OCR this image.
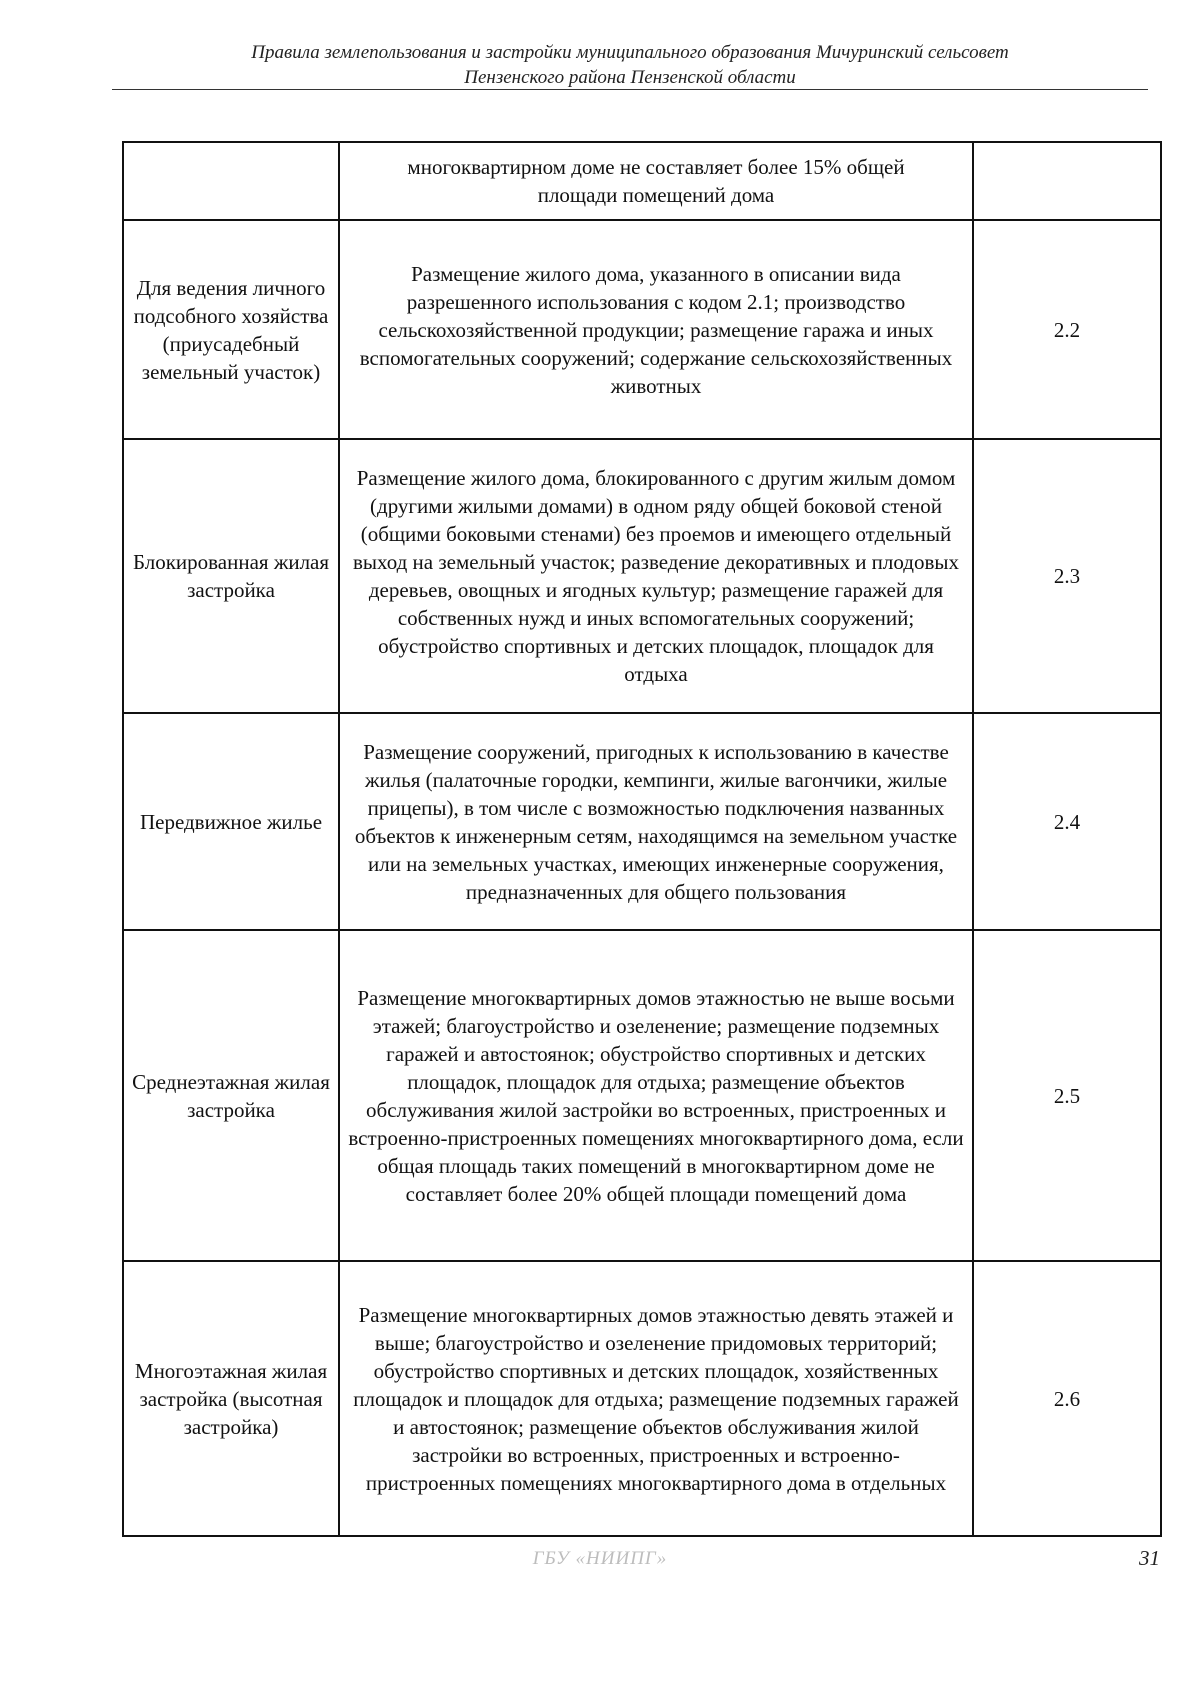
Правила землепользования и застройки муниципального образования Мичуринский сельсовет
Пензенского района Пензенской области
	многоквартирном доме не составляет более 15% общей площади помещений дома	
Для ведения личного подсобного хозяйства (приусадебный земельный участок)	Размещение жилого дома, указанного в описании вида разрешенного использования с кодом 2.1; производство сельскохозяйственной продукции; размещение гаража и иных вспомогательных сооружений; содержание сельскохозяйственных животных	2.2
Блокированная жилая застройка	Размещение жилого дома, блокированного с другим жилым домом (другими жилыми домами) в одном ряду общей боковой стеной (общими боковыми стенами) без проемов и имеющего отдельный выход на земельный участок; разведение декоративных и плодовых деревьев, овощных и ягодных культур; размещение гаражей для собственных нужд и иных вспомогательных сооружений; обустройство спортивных и детских площадок, площадок для отдыха	2.3
Передвижное жилье	Размещение сооружений, пригодных к использованию в качестве жилья (палаточные городки, кемпинги, жилые вагончики, жилые прицепы), в том числе с возможностью подключения названных объектов к инженерным сетям, находящимся на земельном участке или на земельных участках, имеющих инженерные сооружения, предназначенных для общего пользования	2.4
Среднеэтажная жилая застройка	Размещение многоквартирных домов этажностью не выше восьми этажей; благоустройство и озеленение; размещение подземных гаражей и автостоянок; обустройство спортивных и детских площадок, площадок для отдыха; размещение объектов обслуживания жилой застройки во встроенных, пристроенных и встроенно-пристроенных помещениях многоквартирного дома, если общая площадь таких помещений в многоквартирном доме не составляет более 20% общей площади помещений дома	2.5
Многоэтажная жилая застройка (высотная застройка)	Размещение многоквартирных домов этажностью девять этажей и выше; благоустройство и озеленение придомовых территорий; обустройство спортивных и детских площадок, хозяйственных площадок и площадок для отдыха; размещение подземных гаражей и автостоянок; размещение объектов обслуживания жилой застройки во встроенных, пристроенных и встроенно-пристроенных помещениях многоквартирного дома в отдельных	2.6
ГБУ «НИИПГ»	31
